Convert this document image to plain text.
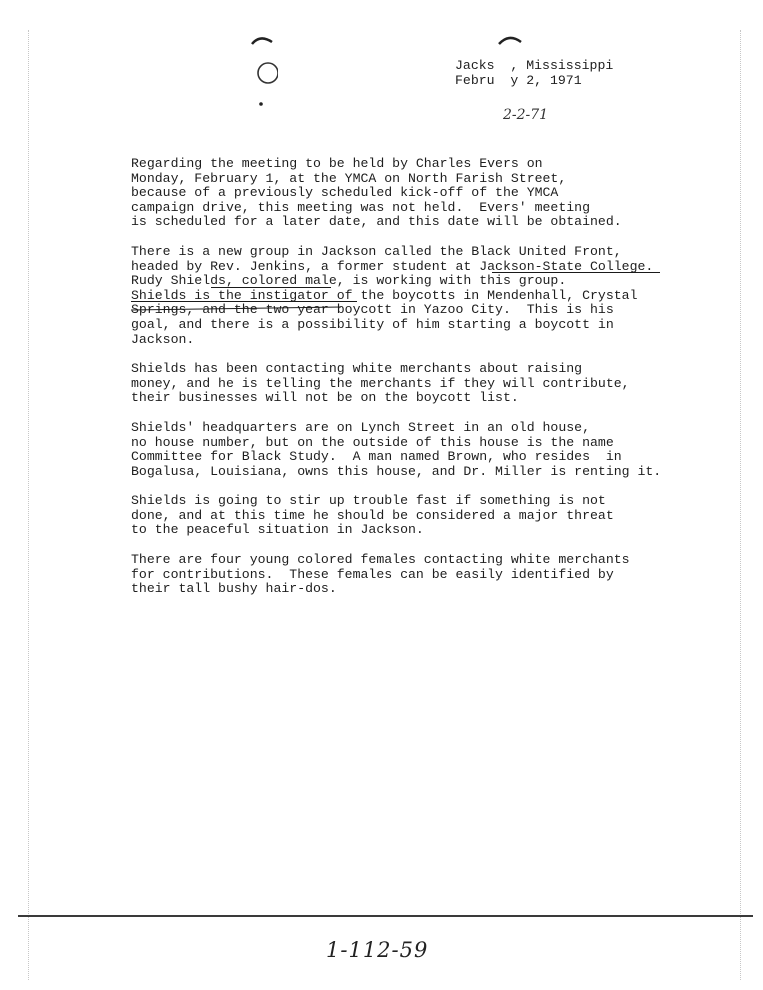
Jacks  , Mississippi
Febru  y 2, 1971
2-2-71

Regarding the meeting to be held by Charles Evers on
Monday, February 1, at the YMCA on North Farish Street,
because of a previously scheduled kick-off of the YMCA
campaign drive, this meeting was not held.  Evers' meeting
is scheduled for a later date, and this date will be obtained.

There is a new group in Jackson called the Black United Front,
headed by Rev. Jenkins, a former student at Jackson-State College.
Rudy Shields, colored male, is working with this group.
Shields is the instigator of the boycotts in Mendenhall, Crystal
Springs, and the two year boycott in Yazoo City.  This is his
goal, and there is a possibility of him starting a boycott in
Jackson.

Shields has been contacting white merchants about raising
money, and he is telling the merchants if they will contribute,
their businesses will not be on the boycott list.

Shields' headquarters are on Lynch Street in an old house,
no house number, but on the outside of this house is the name
Committee for Black Study.  A man named Brown, who resides  in
Bogalusa, Louisiana, owns this house, and Dr. Miller is renting it.

Shields is going to stir up trouble fast if something is not
done, and at this time he should be considered a major threat
to the peaceful situation in Jackson.

There are four young colored females contacting white merchants
for contributions.  These females can be easily identified by
their tall bushy hair-dos.

1-112-59
